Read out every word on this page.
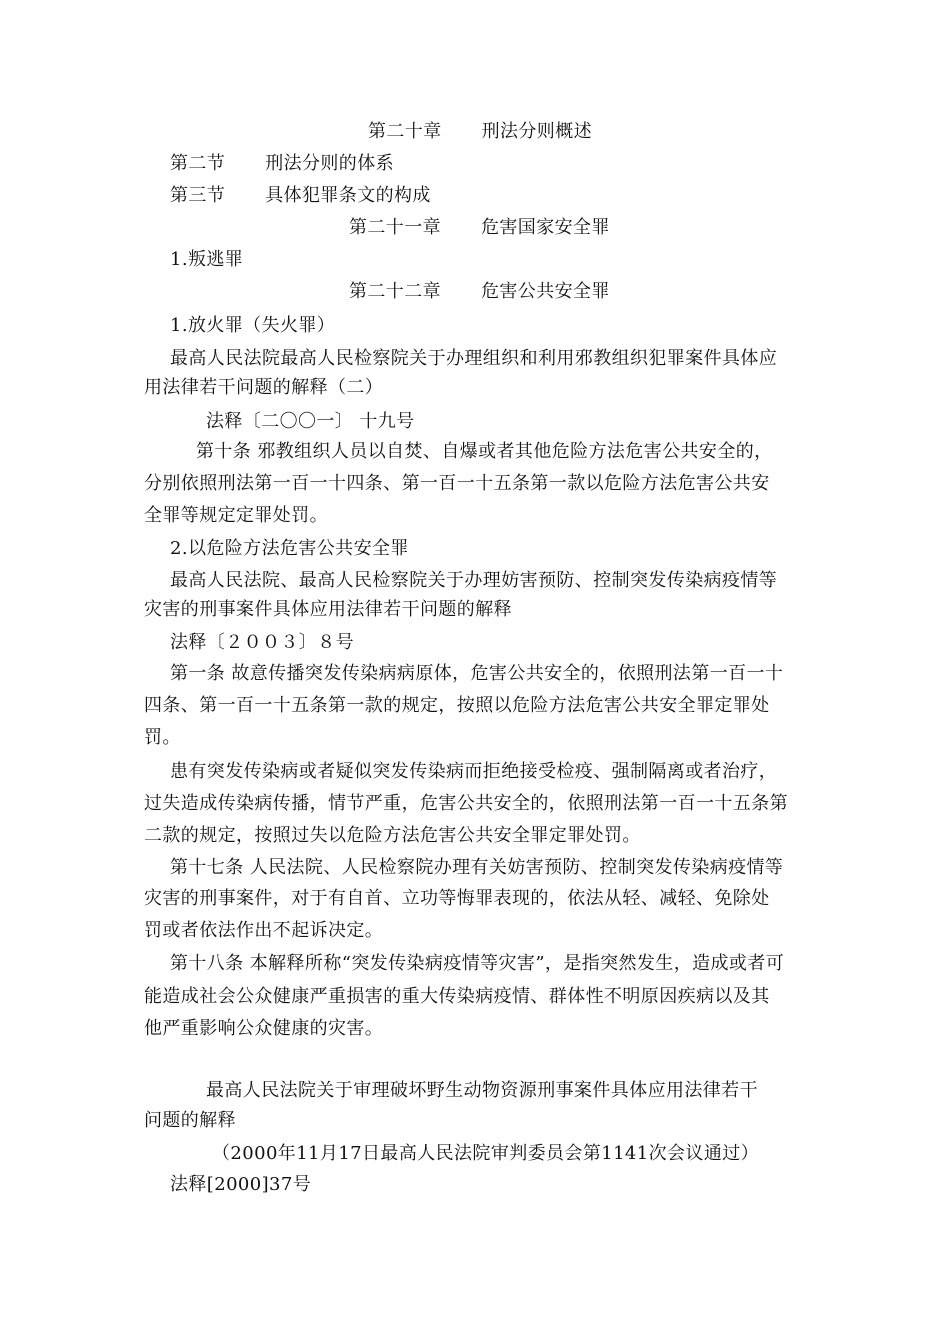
第二十章 刑法分则概述
第二节 刑法分则的体系
第三节 具体犯罪条文的构成
第二十一章 危害国家安全罪
1.叛逃罪
第二十二章 危害公共安全罪
1.放火罪（失火罪）
最高人民法院最高人民检察院关于办理组织和利用邪教组织犯罪案件具体应
用法律若干问题的解释（二）
法释〔二〇〇一〕 十九号
第十条 邪教组织人员以自焚、自爆或者其他危险方法危害公共安全的，
分别依照刑法第一百一十四条、第一百一十五条第一款以危险方法危害公共安
全罪等规定定罪处罚。
2.以危险方法危害公共安全罪
最高人民法院、最高人民检察院关于办理妨害预防、控制突发传染病疫情等
灾害的刑事案件具体应用法律若干问题的解释
法释〔２００３〕８号
第一条 故意传播突发传染病病原体，危害公共安全的，依照刑法第一百一十
四条、第一百一十五条第一款的规定，按照以危险方法危害公共安全罪定罪处
罚。
患有突发传染病或者疑似突发传染病而拒绝接受检疫、强制隔离或者治疗，
过失造成传染病传播，情节严重，危害公共安全的，依照刑法第一百一十五条第
二款的规定，按照过失以危险方法危害公共安全罪定罪处罚。
第十七条 人民法院、人民检察院办理有关妨害预防、控制突发传染病疫情等
灾害的刑事案件，对于有自首、立功等悔罪表现的，依法从轻、减轻、免除处
罚或者依法作出不起诉决定。
第十八条 本解释所称“突发传染病疫情等灾害”，是指突然发生，造成或者可
能造成社会公众健康严重损害的重大传染病疫情、群体性不明原因疾病以及其
他严重影响公众健康的灾害。
最高人民法院关于审理破坏野生动物资源刑事案件具体应用法律若干
问题的解释
（2000年11月17日最高人民法院审判委员会第1141次会议通过）
法释[2000]37号
